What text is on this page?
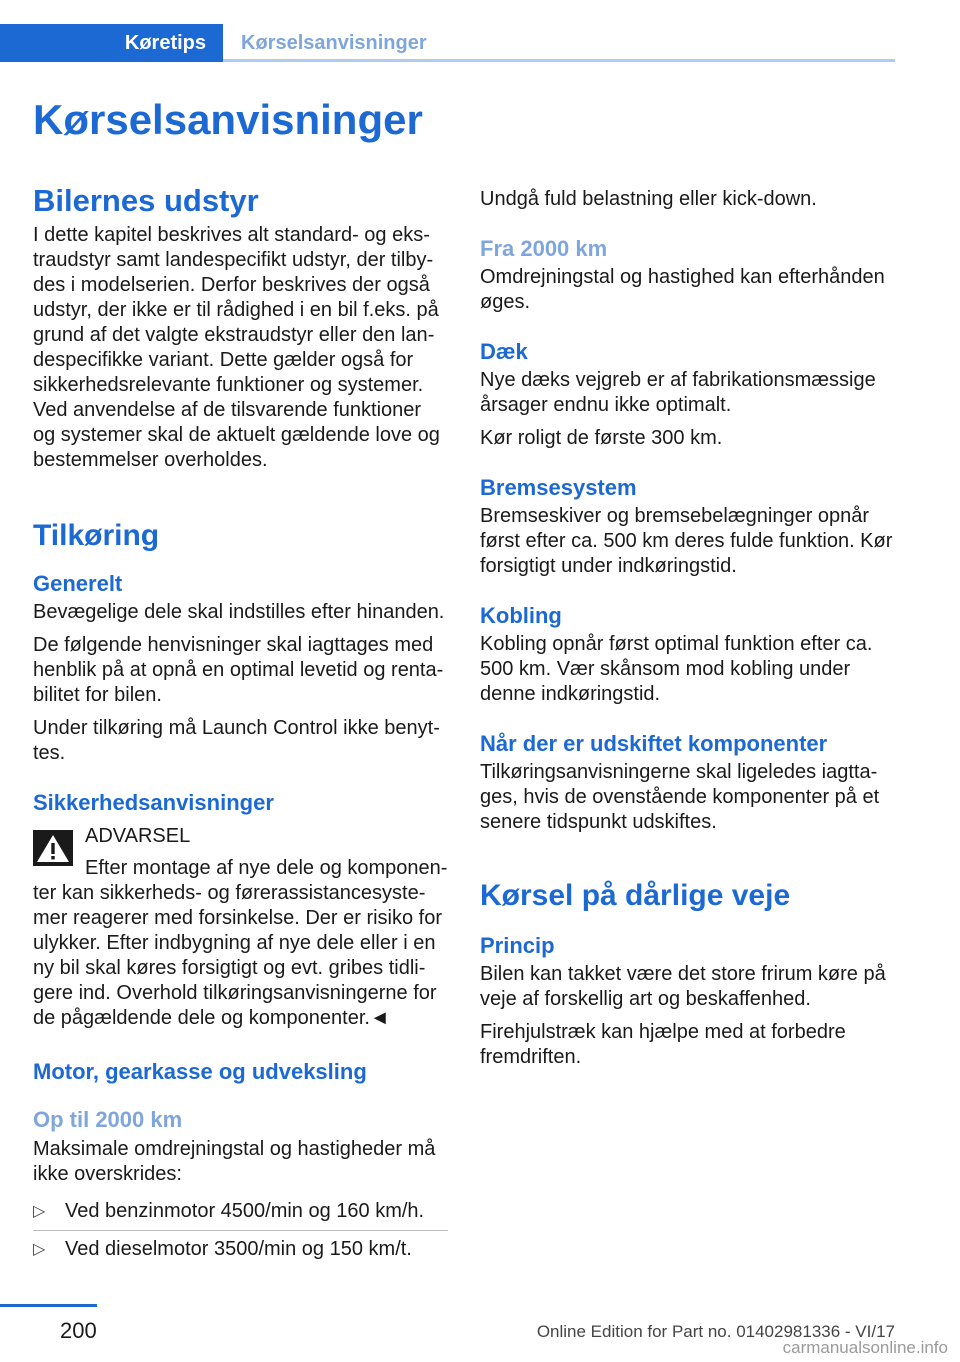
Køretips Kørselsanvisninger
Kørselsanvisninger
Bilernes udstyr

I dette kapitel beskrives alt standard- og ekstraudstyr samt landespecifikt udstyr, der tilbydes i modelserien. Derfor beskrives der også udstyr, der ikke er til rådighed i en bil f.eks. på grund af det valgte ekstraudstyr eller den landespecifikke variant. Dette gælder også for sikkerhedsrelevante funktioner og systemer. Ved anvendelse af de tilsvarende funktioner og systemer skal de aktuelt gældende love og bestemmelser overholdes.

Tilkøring
Generelt

Bevægelige dele skal indstilles efter hinanden.

De følgende henvisninger skal iagttages med henblik på at opnå en optimal levetid og rentabilitet for bilen.

Under tilkøring må Launch Control ikke benyttes.

Sikkerhedsanvisninger
ADVARSEL
Efter montage af nye dele og komponenter kan sikkerheds- og førerassistancesystemer reagerer med forsinkelse. Der er risiko for ulykker. Efter indbygning af nye dele eller i en ny bil skal køres forsigtigt og evt. gribes tidligere ind. Overhold tilkøringsanvisningerne for de pågældende dele og komponenter.◄
Motor, gearkasse og udveksling
Op til 2000 km

Maksimale omdrejningstal og hastigheder må ikke overskrides:

▷ Ved benzinmotor 4500/min og 160 km/h.
▷ Ved dieselmotor 3500/min og 150 km/t.

Undgå fuld belastning eller kick-down.

Fra 2000 km

Omdrejningstal og hastighed kan efterhånden øges.

Dæk

Nye dæks vejgreb er af fabrikationsmæssige årsager endnu ikke optimalt.

Kør roligt de første 300 km.

Bremsesystem

Bremseskiver og bremsebelægninger opnår først efter ca. 500 km deres fulde funktion. Kør forsigtigt under indkøringstid.

Kobling

Kobling opnår først optimal funktion efter ca. 500 km. Vær skånsom mod kobling under denne indkøringstid.

Når der er udskiftet komponenter

Tilkøringsanvisningerne skal ligeledes iagttages, hvis de ovenstående komponenter på et senere tidspunkt udskiftes.

Kørsel på dårlige veje
Princip

Bilen kan takket være det store frirum køre på veje af forskellig art og beskaffenhed.

Firehjulstræk kan hjælpe med at forbedre fremdriften.

200	Online Edition for Part no. 01402981336 - VI/17
carmanualsonline.info
